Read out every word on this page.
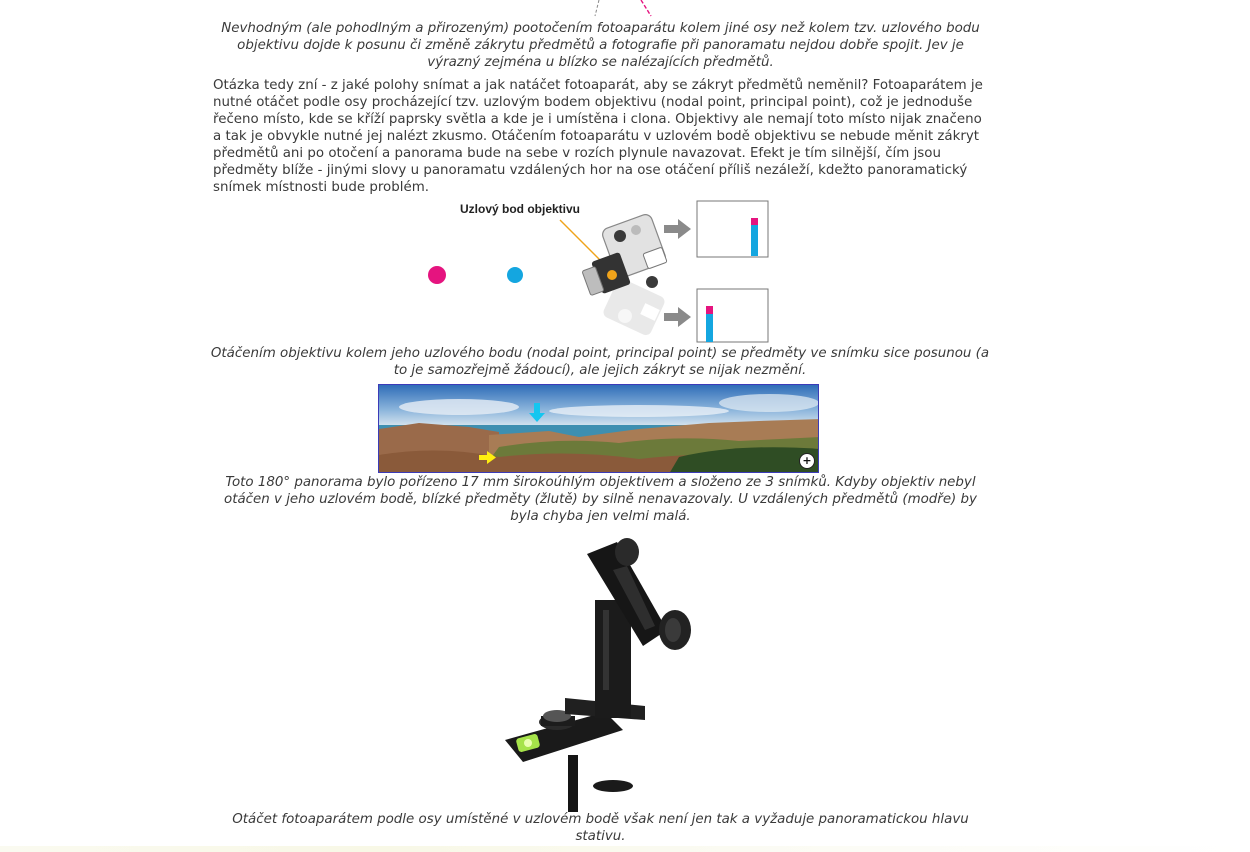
Nevhodným (ale pohodlným a přirozeným) pootočením fotoaparátu kolem jiné osy než kolem tzv. uzlového bodu objektivu dojde k posunu či změně zákrytu předmětů a fotografie při panoramatu nejdou dobře spojit. Jev je výrazný zejména u blízko se nalézajících předmětů.
Otázka tedy zní - z jaké polohy snímat a jak natáčet fotoaparát, aby se zákryt předmětů neměnil? Fotoaparátem je nutné otáčet podle osy procházející tzv. uzlovým bodem objektivu (nodal point, principal point), což je jednoduše řečeno místo, kde se kříží paprsky světla a kde je i umístěna i clona. Objektivy ale nemají toto místo nijak značeno a tak je obvykle nutné jej nalézt zkusmo. Otáčením fotoaparátu v uzlovém bodě objektivu se nebude měnit zákryt předmětů ani po otočení a panorama bude na sebe v rozích plynule navazovat. Efekt je tím silnější, čím jsou předměty blíže - jinými slovy u panoramatu vzdálených hor na ose otáčení příliš nezáleží, kdežto panoramatický snímek místnosti bude problém.
Uzlový bod objektivu
Otáčením objektivu kolem jeho uzlového bodu (nodal point, principal point) se předměty ve snímku sice posunou (a to je samozřejmě žádoucí), ale jejich zákryt se nijak nezmění.
+
Toto 180° panorama bylo pořízeno 17 mm širokoúhlým objektivem a složeno ze 3 snímků. Kdyby objektiv nebyl otáčen v jeho uzlovém bodě, blízké předměty (žlutě) by silně nenavazovaly. U vzdálených předmětů (modře) by byla chyba jen velmi malá.
Otáčet fotoaparátem podle osy umístěné v uzlovém bodě však není jen tak a vyžaduje panoramatickou hlavu stativu.
